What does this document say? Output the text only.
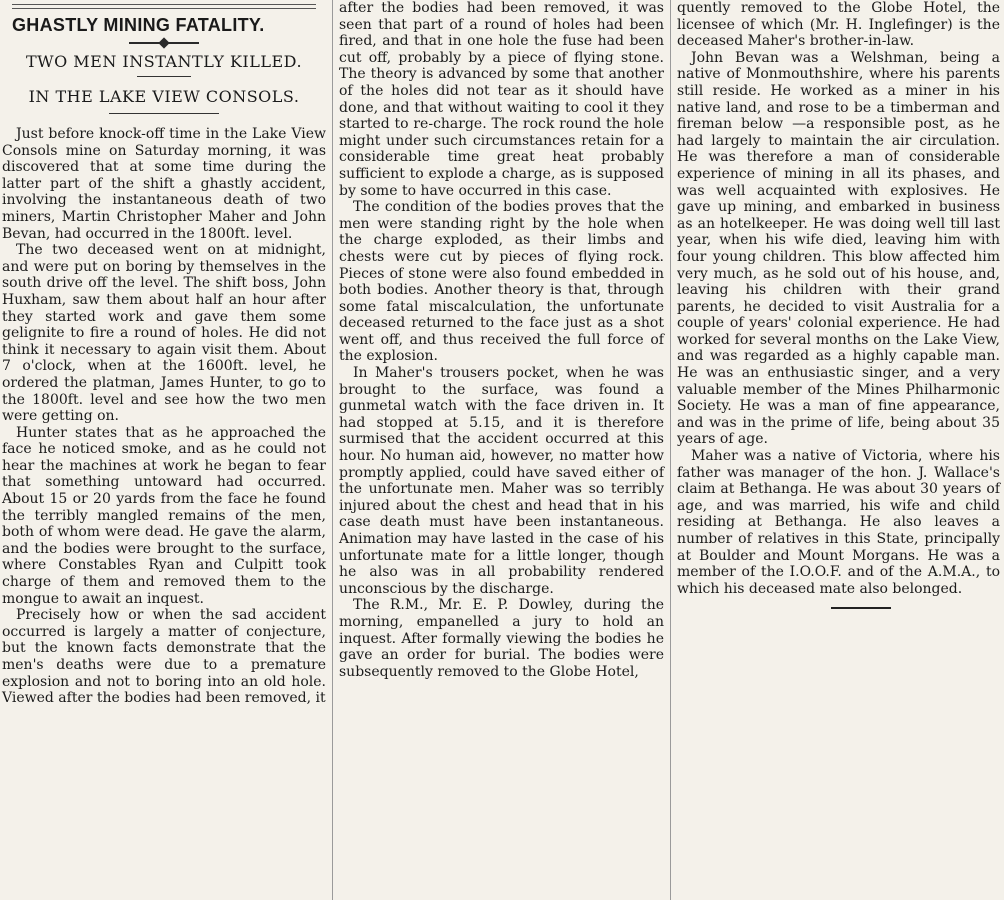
GHASTLY MINING FATALITY.
TWO MEN INSTANTLY KILLED.
IN THE LAKE VIEW CONSOLS.

Just before knock-off time in the Lake View Consols mine on Saturday morning, it was discovered that at some time during the latter part of the shift a ghastly accident, involving the instantaneous death of two miners, Martin Christopher Maher and John Bevan, had occurred in the 1800ft. level.

The two deceased went on at midnight, and were put on boring by themselves in the south drive off the level. The shift boss, John Huxham, saw them about half an hour after they started work and gave them some gelignite to fire a round of holes. He did not think it necessary to again visit them. About 7 o'clock, when at the 1600ft. level, he ordered the platman, James Hunter, to go to the 1800ft. level and see how the two men were getting on.

Hunter states that as he approached the face he noticed smoke, and as he could not hear the machines at work he began to fear that something untoward had occurred. About 15 or 20 yards from the face he found the terribly mangled remains of the men, both of whom were dead. He gave the alarm, and the bodies were brought to the surface, where Constables Ryan and Culpitt took charge of them and removed them to the mongue to await an inquest.

Precisely how or when the sad accident occurred is largely a matter of conjecture, but the known facts demonstrate that the men's deaths were due to a premature explosion and not to boring into an old hole. Viewed after the bodies had been removed, it

after the bodies had been removed, it was seen that part of a round of holes had been fired, and that in one hole the fuse had been cut off, probably by a piece of flying stone. The theory is advanced by some that another of the holes did not tear as it should have done, and that without waiting to cool it they started to re-charge. The rock round the hole might under such circumstances retain for a considerable time great heat probably sufficient to explode a charge, as is supposed by some to have occurred in this case.

The condition of the bodies proves that the men were standing right by the hole when the charge exploded, as their limbs and chests were cut by pieces of flying rock. Pieces of stone were also found embedded in both bodies. Another theory is that, through some fatal miscalculation, the unfortunate deceased returned to the face just as a shot went off, and thus received the full force of the explosion.

In Maher's trousers pocket, when he was brought to the surface, was found a gunmetal watch with the face driven in. It had stopped at 5.15, and it is therefore surmised that the accident occurred at this hour. No human aid, however, no matter how promptly applied, could have saved either of the unfortunate men. Maher was so terribly injured about the chest and head that in his case death must have been instantaneous. Animation may have lasted in the case of his unfortunate mate for a little longer, though he also was in all probability rendered unconscious by the discharge.

The R.M., Mr. E. P. Dowley, during the morning, empanelled a jury to hold an inquest. After formally viewing the bodies he gave an order for burial. The bodies were subsequently removed to the Globe Hotel,

quently removed to the Globe Hotel, the licensee of which (Mr. H. Inglefinger) is the deceased Maher's brother-in-law.

John Bevan was a Welshman, being a native of Monmouthshire, where his parents still reside. He worked as a miner in his native land, and rose to be a timberman and fireman below —a responsible post, as he had largely to maintain the air circulation. He was therefore a man of considerable experience of mining in all its phases, and was well acquainted with explosives. He gave up mining, and embarked in business as an hotelkeeper. He was doing well till last year, when his wife died, leaving him with four young children. This blow affected him very much, as he sold out of his house, and, leaving his children with their grand parents, he decided to visit Australia for a couple of years' colonial experience. He had worked for several months on the Lake View, and was regarded as a highly capable man. He was an enthusiastic singer, and a very valuable member of the Mines Philharmonic Society. He was a man of fine appearance, and was in the prime of life, being about 35 years of age.

Maher was a native of Victoria, where his father was manager of the hon. J. Wallace's claim at Bethanga. He was about 30 years of age, and was married, his wife and child residing at Bethanga. He also leaves a number of relatives in this State, principally at Boulder and Mount Morgans. He was a member of the I.O.O.F. and of the A.M.A., to which his deceased mate also belonged.
